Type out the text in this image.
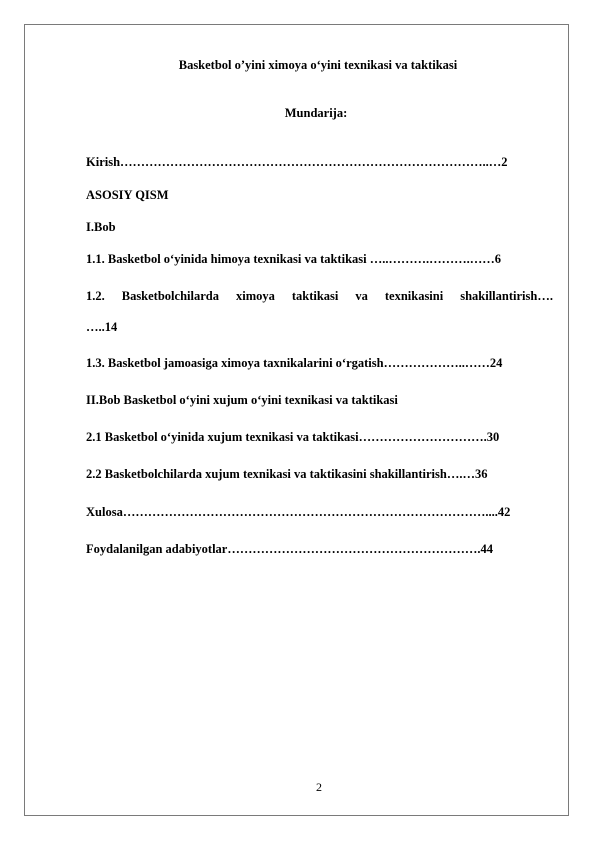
Basketbol o’yini ximoya o‘yini texnikasi va taktikasi
Mundarija:
Kirish……………………………………………………………………………..…2
ASOSIY QISM
I.Bob
1.1. Basketbol o‘yinida himoya texnikasi va taktikasi …..……….……….……6
1.2. Basketbolchilarda ximoya taktikasi va texnikasini shakillantirish….
…..14
1.3. Basketbol jamoasiga ximoya taxnikalarini o‘rgatish………………..……24
II.Bob Basketbol o‘yini xujum o‘yini texnikasi va taktikasi
2.1 Basketbol o‘yinida xujum texnikasi va taktikasi………………………….30
2.2 Basketbolchilarda xujum texnikasi va taktikasini shakillantirish….…36
Xulosa……………………………………………………………………………....42
Foydalanilgan adabiyotlar…………………………………………………….44
2
